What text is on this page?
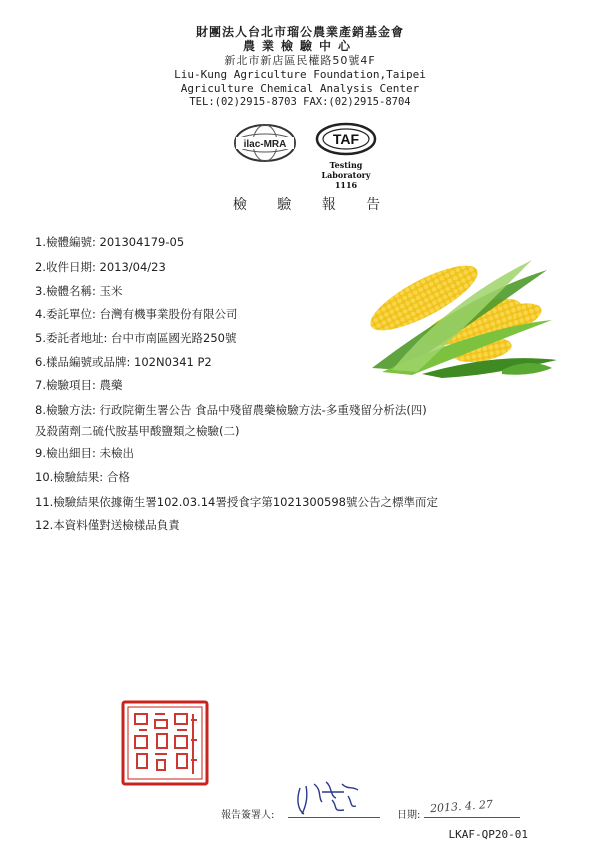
財團法人台北市瑠公農業產銷基金會
農業檢驗中心
新北市新店區民權路50號4F
Liu-Kung Agriculture Foundation,Taipei
Agriculture Chemical Analysis Center
TEL:(02)2915-8703 FAX:(02)2915-8704
ilac-MRA	TAF
Testing Laboratory
1116
檢 驗 報 告
1.檢體編號: 201304179-05
2.收件日期: 2013/04/23
3.檢體名稱: 玉米
4.委託單位: 台灣有機事業股份有限公司
5.委託者地址: 台中市南區國光路250號
6.樣品編號或品牌: 102N0341 P2
7.檢驗項目: 農藥
8.檢驗方法: 行政院衛生署公告 食品中殘留農藥檢驗方法-多重殘留分析法(四)
及殺菌劑二硫代胺基甲酸鹽類之檢驗(二)
9.檢出細目: 未檢出
10.檢驗結果: 合格
11.檢驗結果依據衛生署102.03.14署授食字第1021300598號公告之標準而定
12.本資料僅對送檢樣品負責
報告簽署人:	日期:
2013. 4. 27
LKAF-QP20-01
